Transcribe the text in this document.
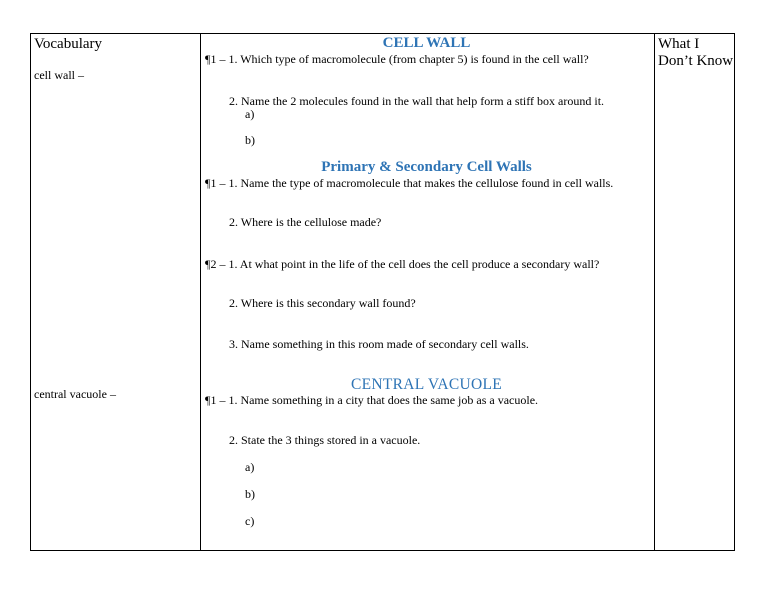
Vocabulary	What I Don’t Know
cell wall –
central vacuole –
CELL WALL
¶1 – 1. Which type of macromolecule (from chapter 5) is found in the cell wall?
2. Name the 2 molecules found in the wall that help form a stiff box around it.
a)
b)
Primary & Secondary Cell Walls
¶1 – 1. Name the type of macromolecule that makes the cellulose found in cell walls.
2. Where is the cellulose made?
¶2 – 1. At what point in the life of the cell does the cell produce a secondary wall?
2. Where is this secondary wall found?
3. Name something in this room made of secondary cell walls.
CENTRAL VACUOLE
¶1 – 1. Name something in a city that does the same job as a vacuole.
2. State the 3 things stored in a vacuole.
a)
b)
c)
